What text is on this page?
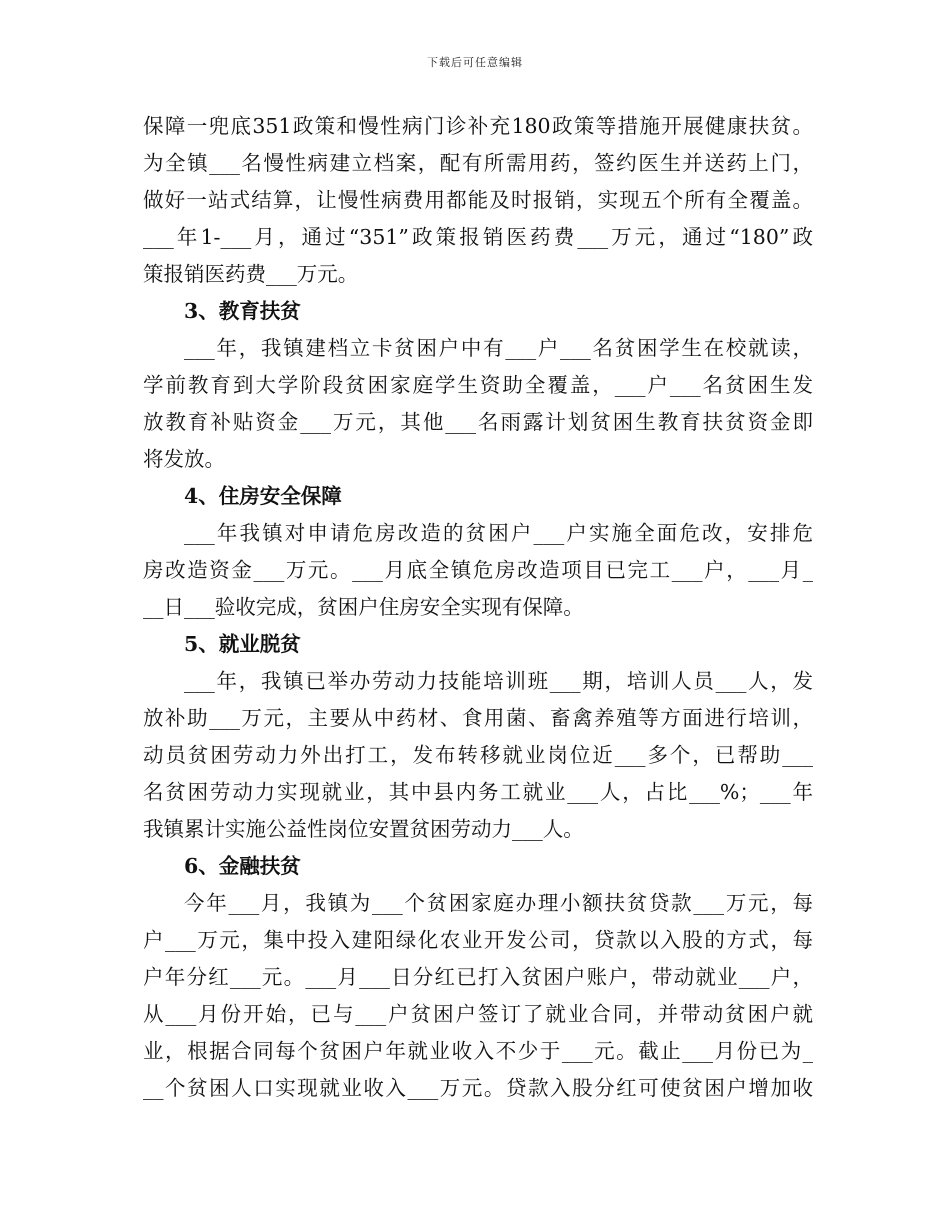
下载后可任意编辑
保障一兜底351政策和慢性病门诊补充180政策等措施开展健康扶贫。
为全镇___名慢性病建立档案，配有所需用药，签约医生并送药上门，
做好一站式结算，让慢性病费用都能及时报销，实现五个所有全覆盖。
___年1-___月，通过“351”政策报销医药费___万元，通过“180”政
策报销医药费___万元。
3、教育扶贫
___年，我镇建档立卡贫困户中有___户___名贫困学生在校就读，
学前教育到大学阶段贫困家庭学生资助全覆盖，___户___名贫困生发
放教育补贴资金___万元，其他___名雨露计划贫困生教育扶贫资金即
将发放。
4、住房安全保障
___年我镇对申请危房改造的贫困户___户实施全面危改，安排危
房改造资金___万元。___月底全镇危房改造项目已完工___户，___月_
__日___验收完成，贫困户住房安全实现有保障。
5、就业脱贫
___年，我镇已举办劳动力技能培训班___期，培训人员___人，发
放补助___万元，主要从中药材、食用菌、畜禽养殖等方面进行培训，
动员贫困劳动力外出打工，发布转移就业岗位近___多个，已帮助___
名贫困劳动力实现就业，其中县内务工就业___人，占比___%；___年
我镇累计实施公益性岗位安置贫困劳动力___人。
6、金融扶贫
今年___月，我镇为___个贫困家庭办理小额扶贫贷款___万元，每
户___万元，集中投入建阳绿化农业开发公司，贷款以入股的方式，每
户年分红___元。___月___日分红已打入贫困户账户，带动就业___户，
从___月份开始，已与___户贫困户签订了就业合同，并带动贫困户就
业，根据合同每个贫困户年就业收入不少于___元。截止___月份已为_
__个贫困人口实现就业收入___万元。贷款入股分红可使贫困户增加收
